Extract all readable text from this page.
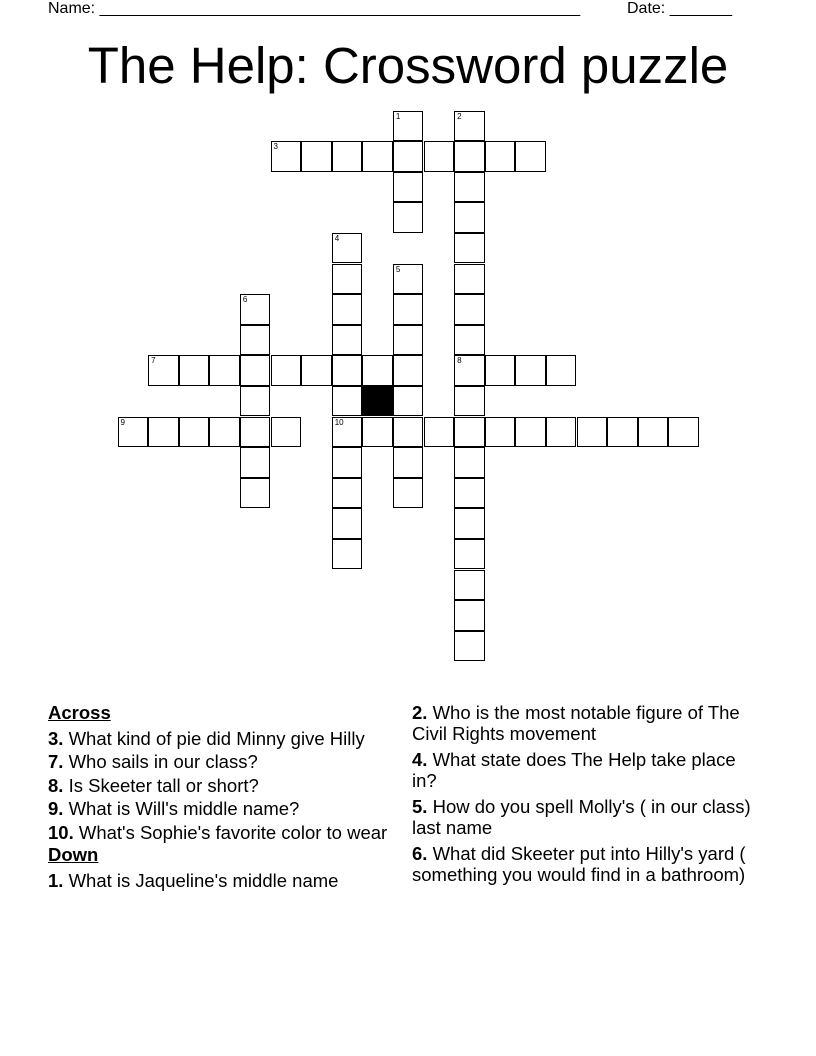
Name: ______________________________________________________	Date: _______
The Help: Crossword puzzle
3
7	8
9	10
1	2
4
5
6
Across
3. What kind of pie did Minny give Hilly
7. Who sails in our class?
8. Is Skeeter tall or short?
9. What is Will's middle name?
10. What's Sophie's favorite color to wear
Down
1. What is Jaqueline's middle name
2. Who is the most notable figure of The Civil Rights movement
4. What state does The Help take place in?
5. How do you spell Molly's ( in our class) last name
6. What did Skeeter put into Hilly's yard ( something you would find in a bathroom)
